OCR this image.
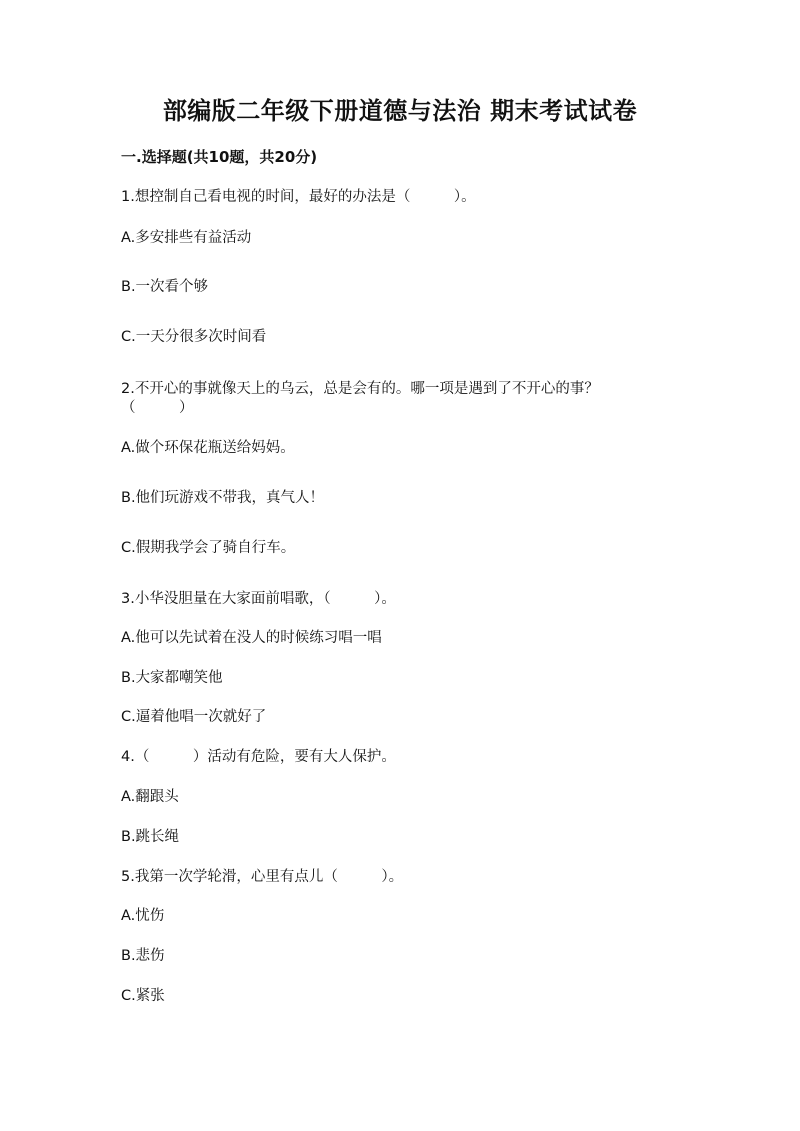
部编版二年级下册道德与法治 期末考试试卷
一.选择题(共10题，共20分)
1.想控制自己看电视的时间，最好的办法是（　　　）。
A.多安排些有益活动
B.一次看个够
C.一天分很多次时间看
2.不开心的事就像天上的乌云，总是会有的。哪一项是遇到了不开心的事？
（　　　）
A.做个环保花瓶送给妈妈。
B.他们玩游戏不带我，真气人！
C.假期我学会了骑自行车。
3.小华没胆量在大家面前唱歌，（　　　）。
A.他可以先试着在没人的时候练习唱一唱
B.大家都嘲笑他
C.逼着他唱一次就好了
4.（　　　）活动有危险，要有大人保护。
A.翻跟头
B.跳长绳
5.我第一次学轮滑，心里有点儿（　　　）。
A.忧伤
B.悲伤
C.紧张
